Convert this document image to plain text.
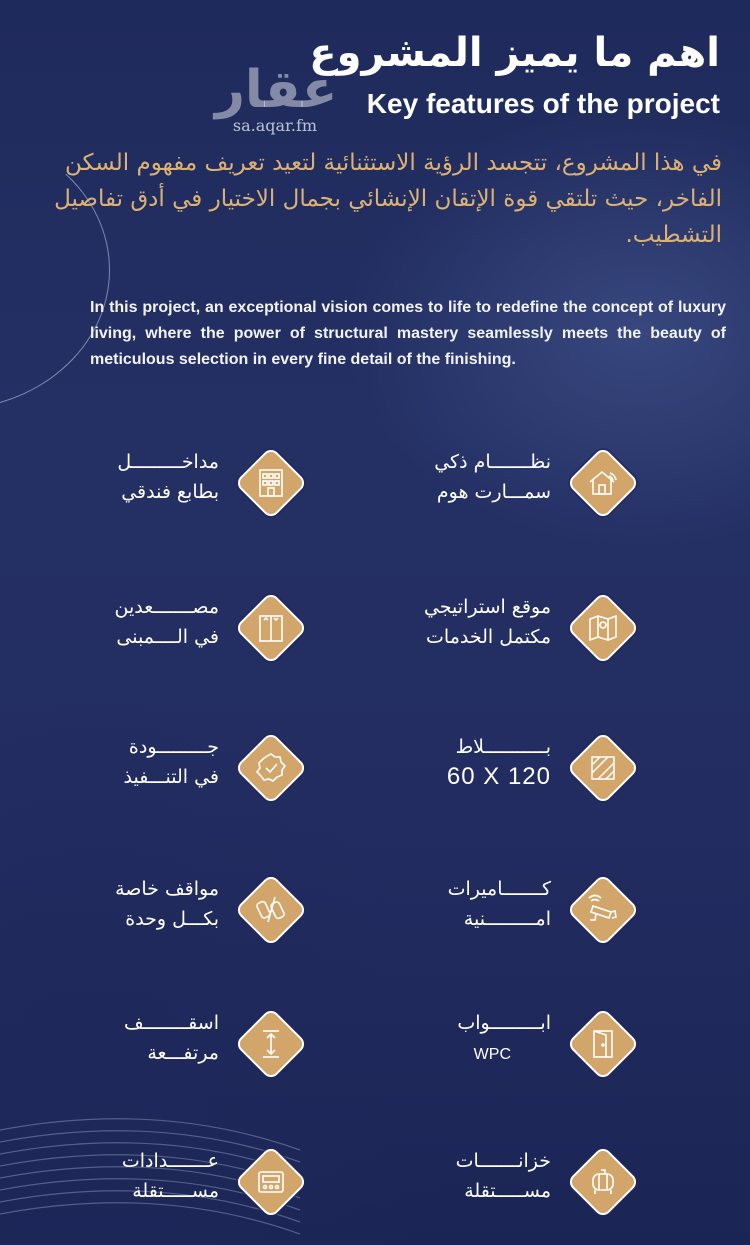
عقار
sa.aqar.fm
اهم ما يميز المشروع
Key features of the project
في هذا المشروع، تتجسد الرؤية الاستثنائية لتعيد تعريف مفهوم السكن الفاخر، حيث تلتقي قوة الإتقان الإنشائي بجمال الاختيار في أدق تفاصيل التشطيب.
In this project, an exceptional vision comes to life to redefine the concept of luxury living, where the power of structural mastery seamlessly meets the beauty of meticulous selection in every fine detail of the finishing.
نظـــــــام ذكي
سمـــارت هوم
مداخـــــــــل
بطابع فندقي
موقع استراتيجي
مكتمل الخدمات
مصـــــــعدين
في الــــمبنى
بـــــــــــلاط
60 X 120
جـــــــــودة
في التنـــفيذ
كـــــــاميرات
امـــــــــنية
مواقف خاصة
بكـــل وحدة
ابـــــــــواب
WPC
اسقــــــــف
مرتفـــعة
خزانـــــــات
مســـــتقلة
عـــــــدادات
مســـــتقلة
